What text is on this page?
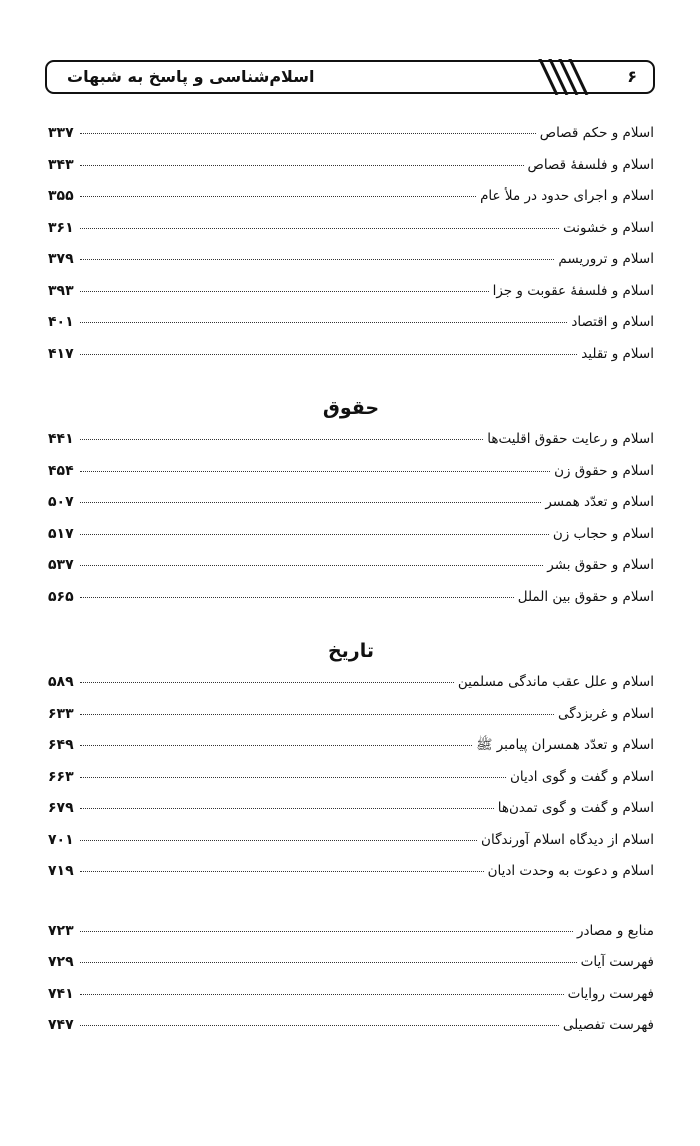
۶
اسلام‌شناسی و پاسخ به شبهات
اسلام و حکم قصاص
۳۳۷
اسلام و فلسفهٔ قصاص
۳۴۳
اسلام و اجرای حدود در ملأ عام
۳۵۵
اسلام و خشونت
۳۶۱
اسلام و تروریسم
۳۷۹
اسلام و فلسفهٔ عقوبت و جزا
۳۹۳
اسلام و اقتصاد
۴۰۱
اسلام و تقلید
۴۱۷
حقوق
اسلام و رعایت حقوق اقلیت‌ها
۴۴۱
اسلام و حقوق زن
۴۵۴
اسلام و تعدّد همسر
۵۰۷
اسلام و حجاب زن
۵۱۷
اسلام و حقوق بشر
۵۳۷
اسلام و حقوق بین الملل
۵۶۵
تاریخ
اسلام و علل عقب ماندگی مسلمین
۵۸۹
اسلام و غربزدگی
۶۳۳
اسلام و تعدّد همسران پیامبر ﷺ
۶۴۹
اسلام و گفت و گوی ادیان
۶۶۳
اسلام و گفت و گوی تمدن‌ها
۶۷۹
اسلام از دیدگاه اسلام آورندگان
۷۰۱
اسلام و دعوت به وحدت ادیان
۷۱۹
منابع و مصادر
۷۲۳
فهرست آیات
۷۲۹
فهرست روایات
۷۴۱
فهرست تفصیلی
۷۴۷
